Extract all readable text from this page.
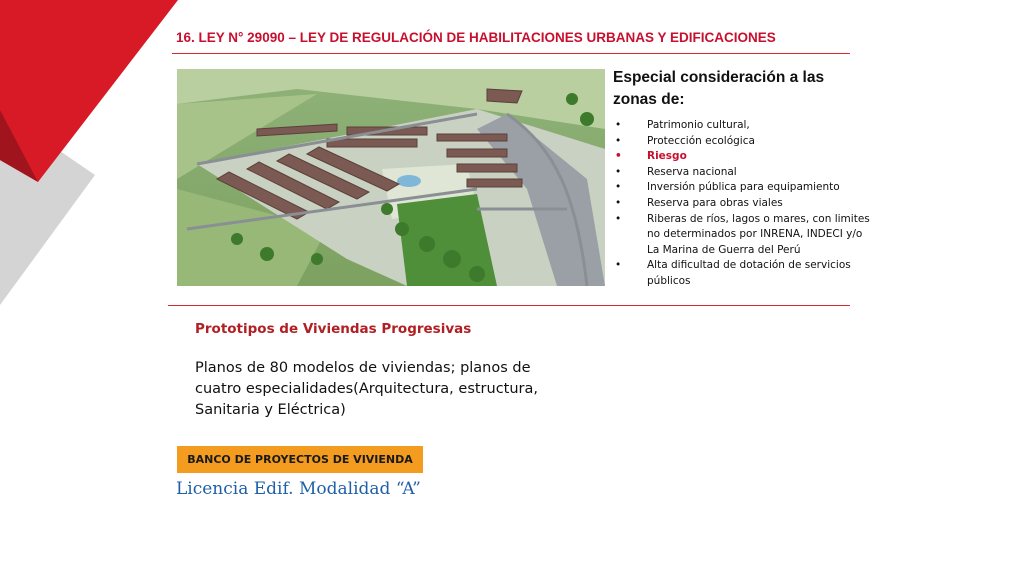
16. LEY N° 29090 – LEY DE REGULACIÓN DE HABILITACIONES URBANAS Y EDIFICACIONES
Especial consideración a las zonas de:
• Patrimonio cultural,
• Protección ecológica
• Riesgo
• Reserva nacional
• Inversión pública para equipamiento
• Reserva para obras viales
• Riberas de ríos, lagos o mares, con limites no determinados por INRENA, INDECI y/o La Marina de Guerra del Perú
• Alta dificultad de dotación de servicios públicos
Prototipos de Viviendas Progresivas
Planos de 80 modelos de viviendas; planos de cuatro especialidades(Arquitectura, estructura, Sanitaria y Eléctrica)
BANCO DE PROYECTOS DE VIVIENDA
Licencia Edif. Modalidad “A”
